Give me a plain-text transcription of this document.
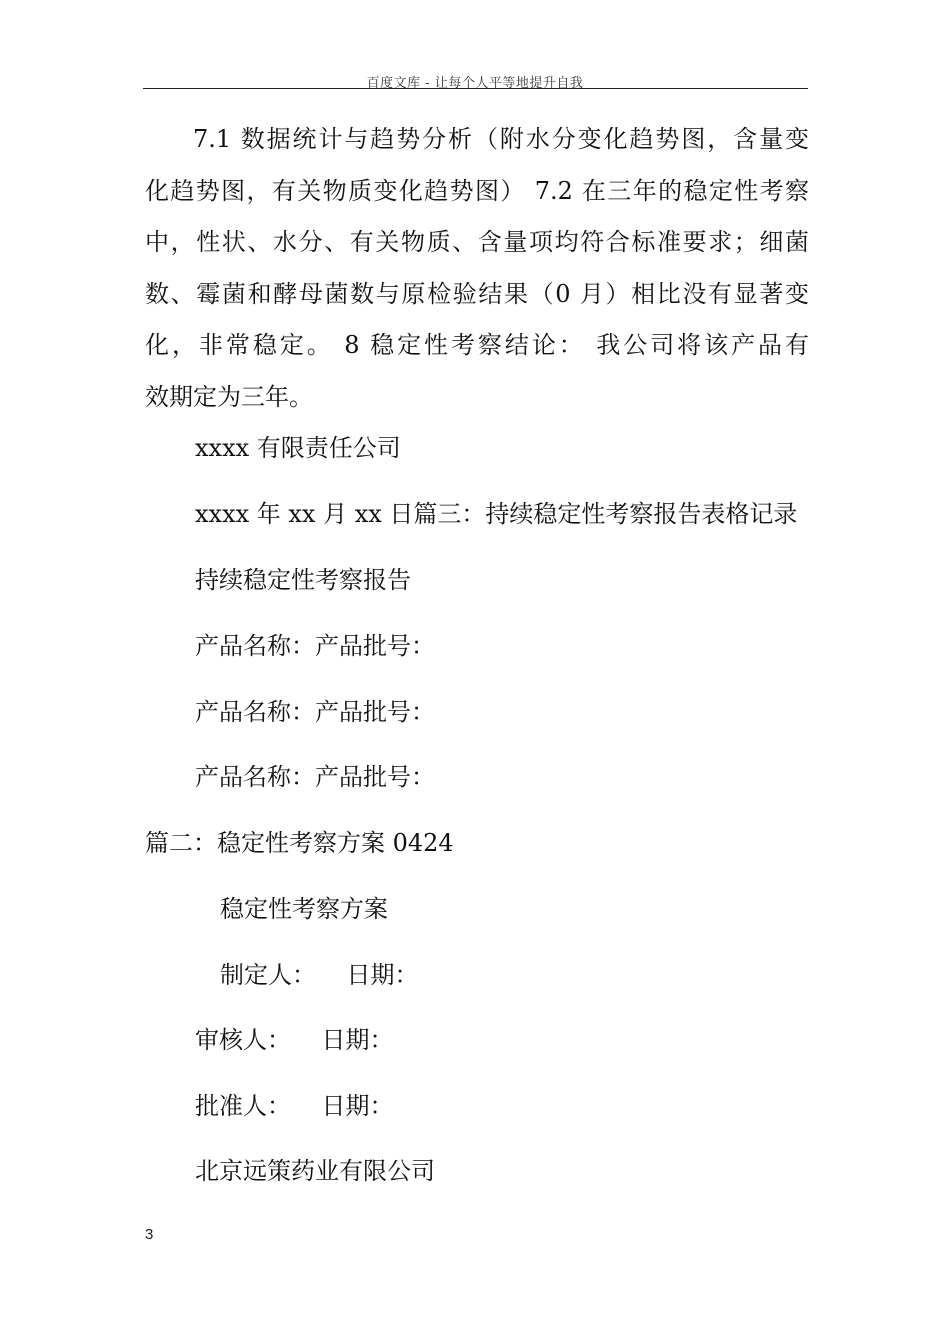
百度文库 - 让每个人平等地提升自我
7.1 数据统计与趋势分析（附水分变化趋势图，含量变
化趋势图，有关物质变化趋势图） 7.2 在三年的稳定性考察
中，性状、水分、有关物质、含量项均符合标准要求；细菌
数、霉菌和酵母菌数与原检验结果（0 月）相比没有显著变
化，非常稳定。 8 稳定性考察结论： 我公司将该产品有
效期定为三年。
xxxx 有限责任公司
xxxx 年 xx 月 xx 日篇三：持续稳定性考察报告表格记录
持续稳定性考察报告
产品名称：产品批号：
产品名称：产品批号：
产品名称：产品批号：
篇二：稳定性考察方案 0424
稳定性考察方案
制定人：    日期：
审核人：    日期：
批准人：    日期：
北京远策药业有限公司
3
